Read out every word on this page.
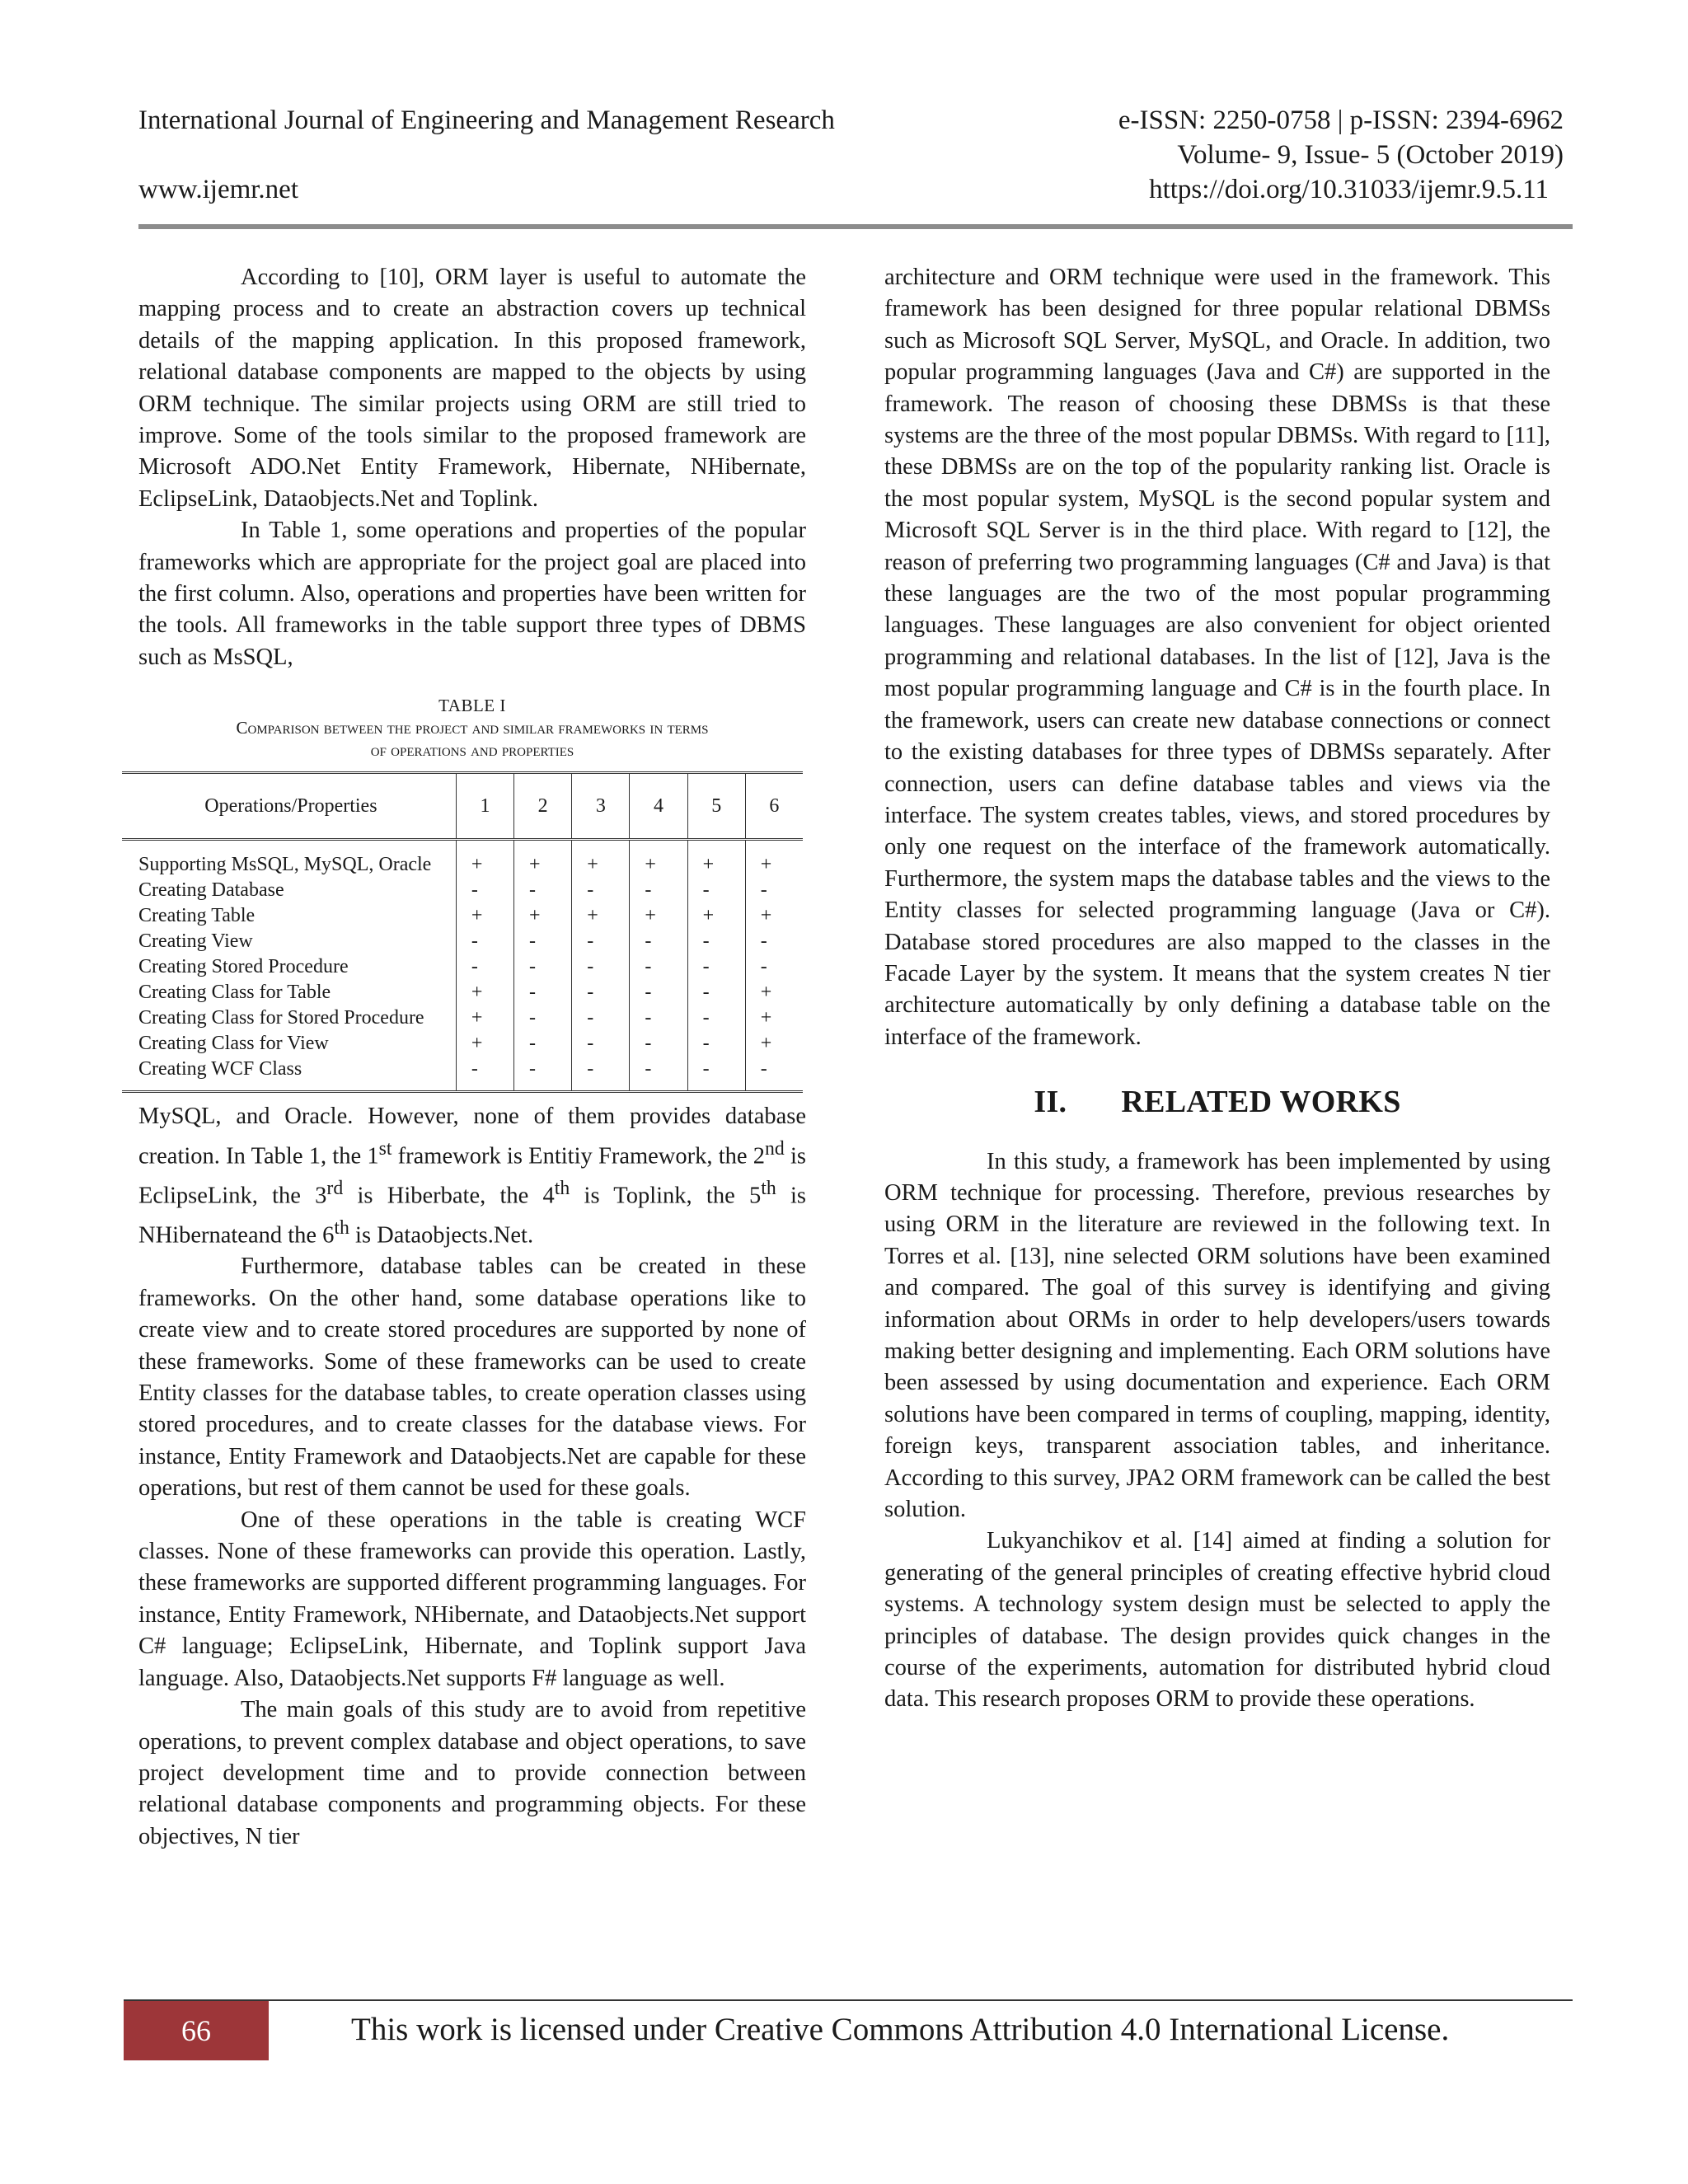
International Journal of Engineering and Management Research	e-ISSN: 2250-0758 | p-ISSN: 2394-6962
Volume- 9, Issue- 5 (October 2019)
www.ijemr.net	https://doi.org/10.31033/ijemr.9.5.11

According to [10], ORM layer is useful to automate the mapping process and to create an abstraction covers up technical details of the mapping application. In this proposed framework, relational database components are mapped to the objects by using ORM technique. The similar projects using ORM are still tried to improve. Some of the tools similar to the proposed framework are Microsoft ADO.Net Entity Framework, Hibernate, NHibernate, EclipseLink, Dataobjects.Net and Toplink.

In Table 1, some operations and properties of the popular frameworks which are appropriate for the project goal are placed into the first column. Also, operations and properties have been written for the tools. All frameworks in the table support three types of DBMS such as MsSQL,

TABLE I
Comparison between the project and similar frameworks in terms
of operations and properties
Operations/Properties	1	2	3	4	5	6
Supporting MsSQL, MySQL, Oracle	+	+	+	+	+	+
Creating Database	-	-	-	-	-	-
Creating Table	+	+	+	+	+	+
Creating View	-	-	-	-	-	-
Creating Stored Procedure	-	-	-	-	-	-
Creating Class for Table	+	-	-	-	-	+
Creating Class for Stored Procedure	+	-	-	-	-	+
Creating Class for View	+	-	-	-	-	+
Creating WCF Class	-	-	-	-	-	-

MySQL, and Oracle. However, none of them provides database creation. In Table 1, the 1st framework is Entitiy Framework, the 2nd is EclipseLink, the 3rd is Hiberbate, the 4th is Toplink, the 5th is NHibernateand the 6th is Dataobjects.Net.

Furthermore, database tables can be created in these frameworks. On the other hand, some database operations like to create view and to create stored procedures are supported by none of these frameworks. Some of these frameworks can be used to create Entity classes for the database tables, to create operation classes using stored procedures, and to create classes for the database views. For instance, Entity Framework and Dataobjects.Net are capable for these operations, but rest of them cannot be used for these goals.

One of these operations in the table is creating WCF classes. None of these frameworks can provide this operation. Lastly, these frameworks are supported different programming languages. For instance, Entity Framework, NHibernate, and Dataobjects.Net support C# language; EclipseLink, Hibernate, and Toplink support Java language. Also, Dataobjects.Net supports F# language as well.

The main goals of this study are to avoid from repetitive operations, to prevent complex database and object operations, to save project development time and to provide connection between relational database components and programming objects. For these objectives, N tier

architecture and ORM technique were used in the framework. This framework has been designed for three popular relational DBMSs such as Microsoft SQL Server, MySQL, and Oracle. In addition, two popular programming languages (Java and C#) are supported in the framework. The reason of choosing these DBMSs is that these systems are the three of the most popular DBMSs. With regard to [11], these DBMSs are on the top of the popularity ranking list. Oracle is the most popular system, MySQL is the second popular system and Microsoft SQL Server is in the third place. With regard to [12], the reason of preferring two programming languages (C# and Java) is that these languages are the two of the most popular programming languages. These languages are also convenient for object oriented programming and relational databases. In the list of [12], Java is the most popular programming language and C# is in the fourth place. In the framework, users can create new database connections or connect to the existing databases for three types of DBMSs separately. After connection, users can define database tables and views via the interface. The system creates tables, views, and stored procedures by only one request on the interface of the framework automatically. Furthermore, the system maps the database tables and the views to the Entity classes for selected programming language (Java or C#). Database stored procedures are also mapped to the classes in the Facade Layer by the system. It means that the system creates N tier architecture automatically by only defining a database table on the interface of the framework.

II. RELATED WORKS

In this study, a framework has been implemented by using ORM technique for processing. Therefore, previous researches by using ORM in the literature are reviewed in the following text. In Torres et al. [13], nine selected ORM solutions have been examined and compared. The goal of this survey is identifying and giving information about ORMs in order to help developers/users towards making better designing and implementing. Each ORM solutions have been assessed by using documentation and experience. Each ORM solutions have been compared in terms of coupling, mapping, identity, foreign keys, transparent association tables, and inheritance. According to this survey, JPA2 ORM framework can be called the best solution.

Lukyanchikov et al. [14] aimed at finding a solution for generating of the general principles of creating effective hybrid cloud systems. A technology system design must be selected to apply the principles of database. The design provides quick changes in the course of the experiments, automation for distributed hybrid cloud data. This research proposes ORM to provide these operations.

66	This work is licensed under Creative Commons Attribution 4.0 International License.
